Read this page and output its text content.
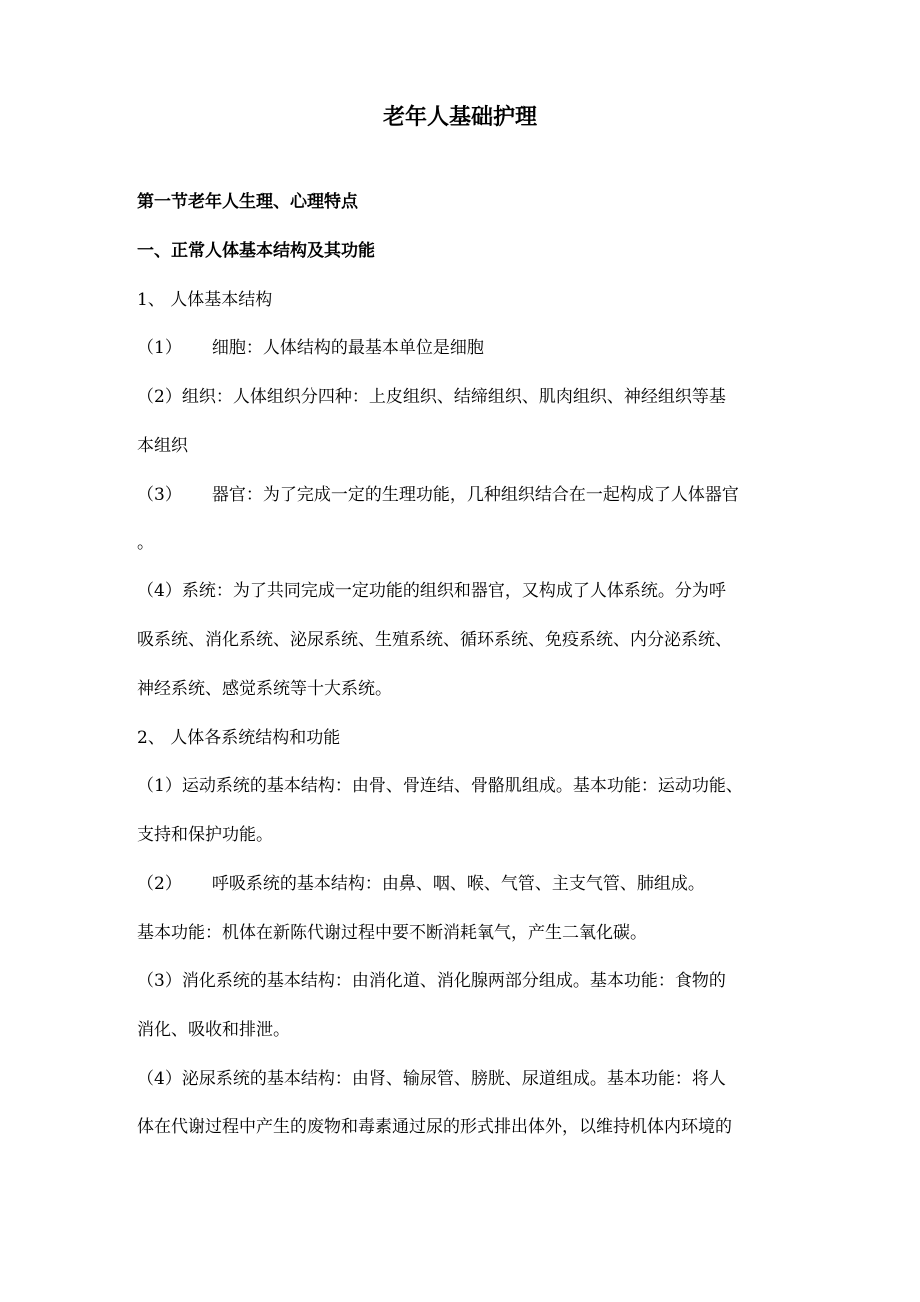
老年人基础护理
第一节老年人生理、心理特点
一、正常人体基本结构及其功能
1、 人体基本结构
（1） 细胞：人体结构的最基本单位是细胞
（2）组织：人体组织分四种：上皮组织、结缔组织、肌肉组织、神经组织等基
本组织
（3） 器官：为了完成一定的生理功能，几种组织结合在一起构成了人体器官
。
（4）系统：为了共同完成一定功能的组织和器官，又构成了人体系统。分为呼
吸系统、消化系统、泌尿系统、生殖系统、循环系统、免疫系统、内分泌系统、
神经系统、感觉系统等十大系统。
2、 人体各系统结构和功能
（1）运动系统的基本结构：由骨、骨连结、骨骼肌组成。基本功能：运动功能、
支持和保护功能。
（2） 呼吸系统的基本结构：由鼻、咽、喉、气管、主支气管、肺组成。
基本功能：机体在新陈代谢过程中要不断消耗氧气，产生二氧化碳。
（3）消化系统的基本结构：由消化道、消化腺两部分组成。基本功能：食物的
消化、吸收和排泄。
（4）泌尿系统的基本结构：由肾、输尿管、膀胱、尿道组成。基本功能：将人
体在代谢过程中产生的废物和毒素通过尿的形式排出体外，以维持机体内环境的
